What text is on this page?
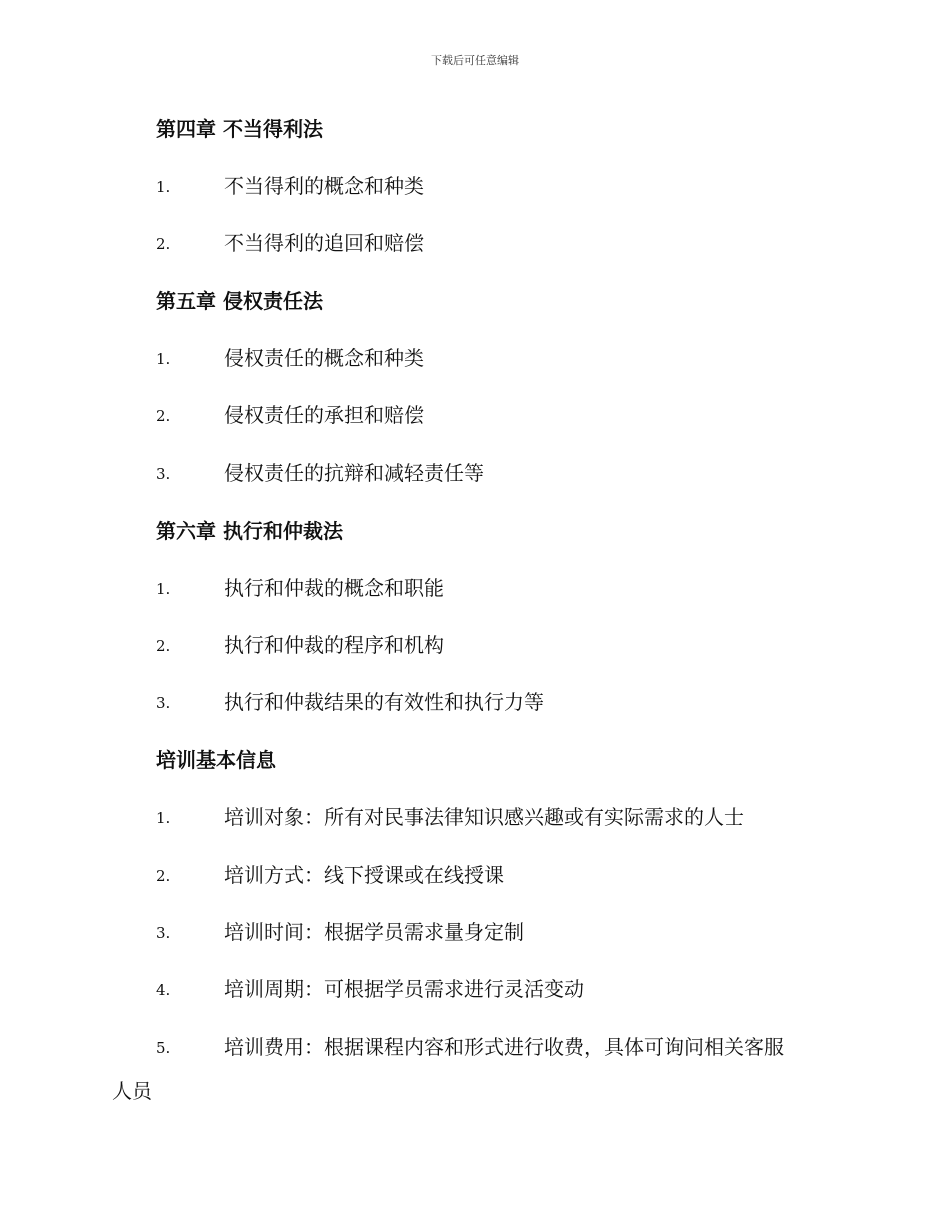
下载后可任意编辑
第四章 不当得利法
1.	不当得利的概念和种类
2.	不当得利的追回和赔偿
第五章 侵权责任法
1.	侵权责任的概念和种类
2.	侵权责任的承担和赔偿
3.	侵权责任的抗辩和减轻责任等
第六章 执行和仲裁法
1.	执行和仲裁的概念和职能
2.	执行和仲裁的程序和机构
3.	执行和仲裁结果的有效性和执行力等
培训基本信息
1.	培训对象：所有对民事法律知识感兴趣或有实际需求的人士
2.	培训方式：线下授课或在线授课
3.	培训时间：根据学员需求量身定制
4.	培训周期：可根据学员需求进行灵活变动
5.	培训费用：根据课程内容和形式进行收费，具体可询问相关客服
人员
